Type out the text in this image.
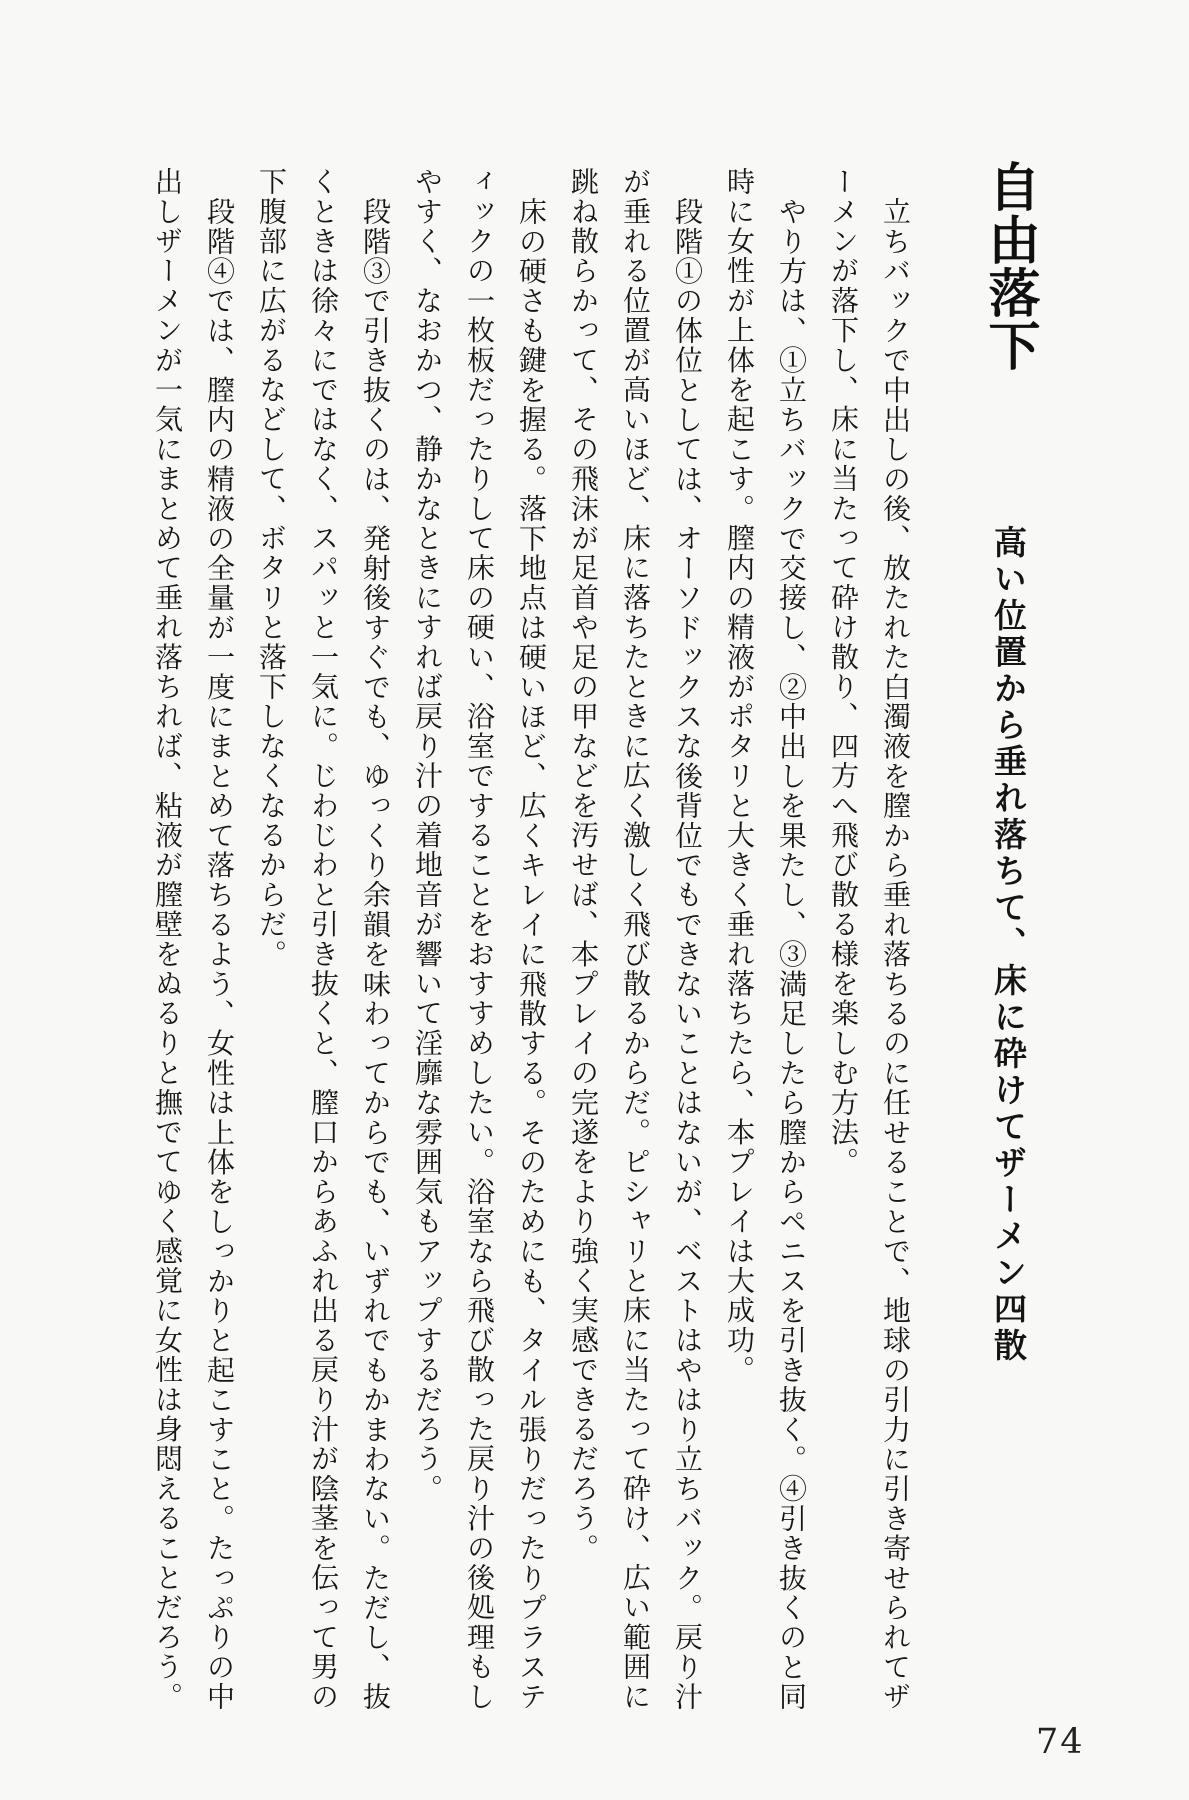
自由落下
高い位置から垂れ落ちて、床に砕けてザーメン四散
立ちバックで中出しの後、放たれた白濁液を膣から垂れ落ちるのに任せることで、地球の引力に引き寄せられてザ
ーメンが落下し、床に当たって砕け散り、四方へ飛び散る様を楽しむ方法。
やり方は、①立ちバックで交接し、②中出しを果たし、③満足したら膣からペニスを引き抜く。④引き抜くのと同
時に女性が上体を起こす。膣内の精液がポタリと大きく垂れ落ちたら、本プレイは大成功。
段階①の体位としては、オーソドックスな後背位でもできないことはないが、ベストはやはり立ちバック。戻り汁
が垂れる位置が高いほど、床に落ちたときに広く激しく飛び散るからだ。ピシャリと床に当たって砕け、広い範囲に
跳ね散らかって、その飛沫が足首や足の甲などを汚せば、本プレイの完遂をより強く実感できるだろう。
床の硬さも鍵を握る。落下地点は硬いほど、広くキレイに飛散する。そのためにも、タイル張りだったりプラステ
ィックの一枚板だったりして床の硬い、浴室ですることをおすすめしたい。浴室なら飛び散った戻り汁の後処理もし
やすく、なおかつ、静かなときにすれば戻り汁の着地音が響いて淫靡な雰囲気もアップするだろう。
段階③で引き抜くのは、発射後すぐでも、ゆっくり余韻を味わってからでも、いずれでもかまわない。ただし、抜
くときは徐々にではなく、スパッと一気に。じわじわと引き抜くと、膣口からあふれ出る戻り汁が陰茎を伝って男の
下腹部に広がるなどして、ボタリと落下しなくなるからだ。
段階④では、膣内の精液の全量が一度にまとめて落ちるよう、女性は上体をしっかりと起こすこと。たっぷりの中
出しザーメンが一気にまとめて垂れ落ちれば、粘液が膣壁をぬるりと撫でてゆく感覚に女性は身悶えることだろう。
74
